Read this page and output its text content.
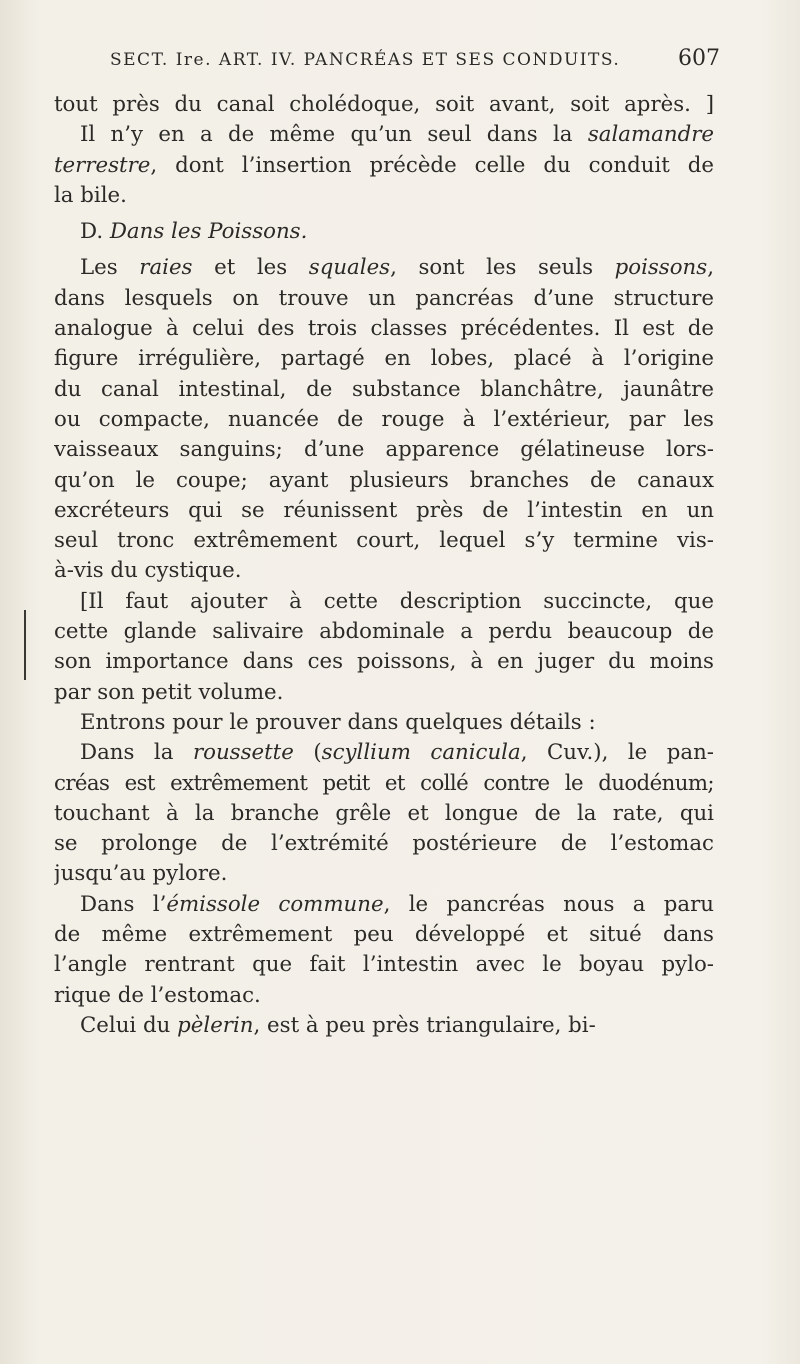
SECT. Ire. ART. IV. PANCRÉAS ET SES CONDUITS.	607
tout près du canal cholédoque, soit avant, soit après. ]
Il n’y en a de même qu’un seul dans la salamandre
terrestre, dont l’insertion précède celle du conduit de
la bile.
D. Dans les Poissons.
Les raies et les squales, sont les seuls poissons,
dans lesquels on trouve un pancréas d’une structure
analogue à celui des trois classes précédentes. Il est de
figure irrégulière, partagé en lobes, placé à l’origine
du canal intestinal, de substance blanchâtre, jaunâtre
ou compacte, nuancée de rouge à l’extérieur, par les
vaisseaux sanguins; d’une apparence gélatineuse lors-
qu’on le coupe; ayant plusieurs branches de canaux
excréteurs qui se réunissent près de l’intestin en un
seul tronc extrêmement court, lequel s’y termine vis-
à-vis du cystique.
[Il faut ajouter à cette description succincte, que
cette glande salivaire abdominale a perdu beaucoup de
son importance dans ces poissons, à en juger du moins
par son petit volume.
Entrons pour le prouver dans quelques détails :
Dans la roussette (scyllium canicula, Cuv.), le pan-
créas est extrêmement petit et collé contre le duodénum;
touchant à la branche grêle et longue de la rate, qui
se prolonge de l’extrémité postérieure de l’estomac
jusqu’au pylore.
Dans l’émissole commune, le pancréas nous a paru
de même extrêmement peu développé et situé dans
l’angle rentrant que fait l’intestin avec le boyau pylo-
rique de l’estomac.
Celui du pèlerin, est à peu près triangulaire, bi-
